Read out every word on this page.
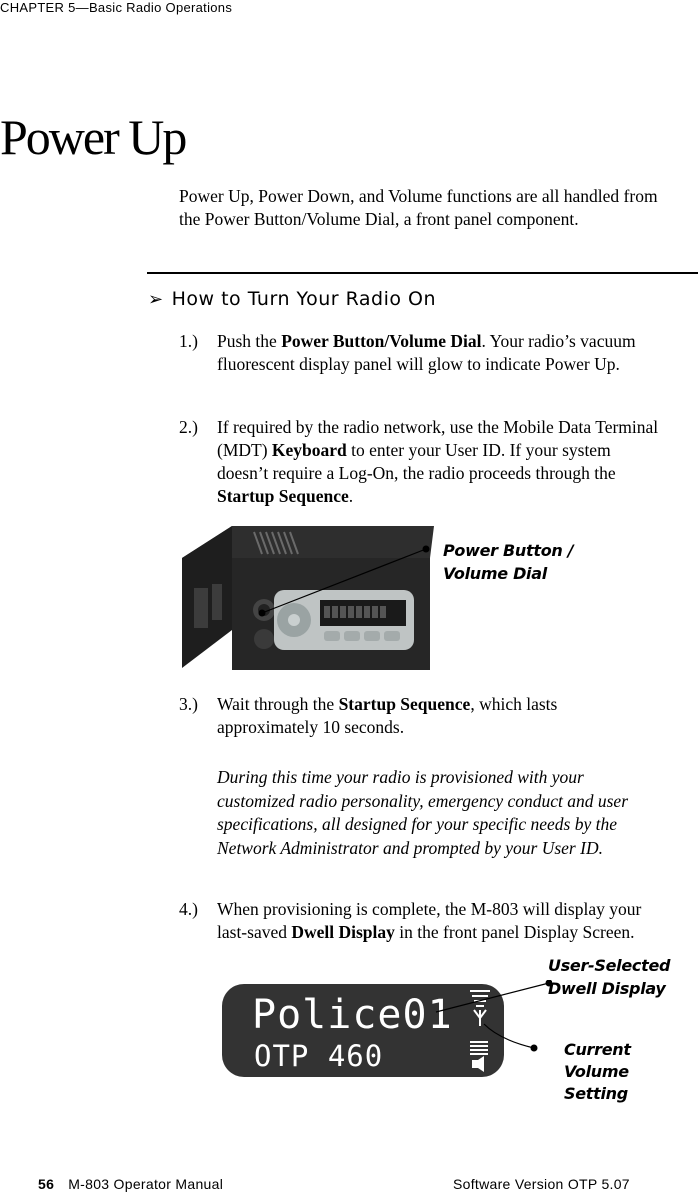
CHAPTER 5—Basic Radio Operations
Power Up
Power Up, Power Down, and Volume functions are all handled from the Power Button/Volume Dial, a front panel component.
➢ How to Turn Your Radio On
1.) Push the Power Button/Volume Dial. Your radio’s vacuum fluorescent display panel will glow to indicate Power Up.
2.) If required by the radio network, use the Mobile Data Terminal (MDT) Keyboard to enter your User ID. If your system doesn’t require a Log-On, the radio proceeds through the Startup Sequence.
Power Button /
Volume Dial
3.) Wait through the Startup Sequence, which lasts approximately 10 seconds.
During this time your radio is provisioned with your customized radio personality, emergency conduct and user specifications, all designed for your specific needs by the Network Administrator and prompted by your User ID.
4.) When provisioning is complete, the M-803 will display your last-saved Dwell Display in the front panel Display Screen.
Police01
OTP 460
User-Selected
Dwell Display
Current
Volume
Setting
56 M-803 Operator Manual	Software Version OTP 5.07
